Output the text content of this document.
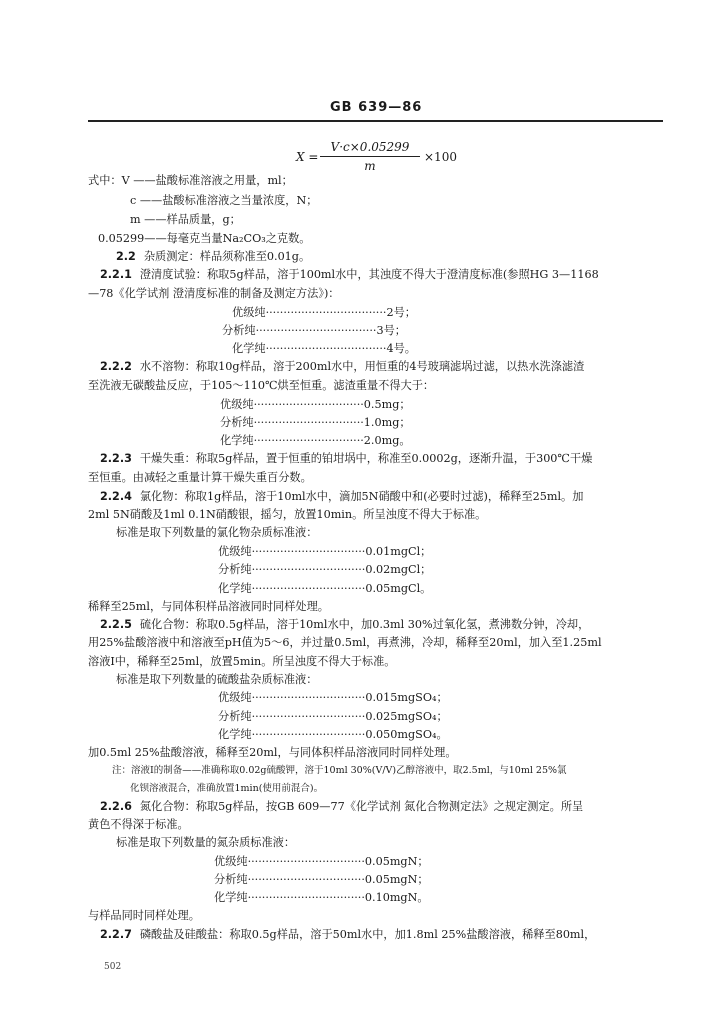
GB 639—86
$X = \frac{V\cdot c\times 0.05299}{m} \times 100$
式中：V ——盐酸标准溶液之用量，ml；
c ——盐酸标准溶液之当量浓度，N；
m ——样品质量，g；
0.05299——每毫克当量Na₂CO₃之克数。
2.2 杂质测定：样品须称准至0.01g。
2.2.1 澄清度试验：称取5g样品，溶于100ml水中，其浊度不得大于澄清度标准(参照HG 3—1168
—78《化学试剂 澄清度标准的制备及测定方法》)：
优级纯··································2号；
分析纯··································3号；
化学纯··································4号。
2.2.2 水不溶物：称取10g样品，溶于200ml水中，用恒重的4号玻璃滤埚过滤，以热水洗涤滤渣
至洗液无碳酸盐反应，于105～110℃烘至恒重。滤渣重量不得大于：
优级纯·······························0.5mg；
分析纯·······························1.0mg；
化学纯·······························2.0mg。
2.2.3 干燥失重：称取5g样品，置于恒重的铂坩埚中，称准至0.0002g，逐渐升温，于300℃干燥
至恒重。由减轻之重量计算干燥失重百分数。
2.2.4 氯化物：称取1g样品，溶于10ml水中，滴加5N硝酸中和(必要时过滤)，稀释至25ml。加
2ml 5N硝酸及1ml 0.1N硝酸银，摇匀，放置10min。所呈浊度不得大于标准。
标准是取下列数量的氯化物杂质标准液：
优级纯································0.01mgCl；
分析纯································0.02mgCl；
化学纯································0.05mgCl。
稀释至25ml，与同体积样品溶液同时同样处理。
2.2.5 硫化合物：称取0.5g样品，溶于10ml水中，加0.3ml 30%过氧化氢，煮沸数分钟，冷却，
用25%盐酸溶液中和溶液至pH值为5～6，并过量0.5ml，再煮沸，冷却，稀释至20ml，加入至1.25ml
溶液Ⅰ中，稀释至25ml，放置5min。所呈浊度不得大于标准。
标准是取下列数量的硫酸盐杂质标准液：
优级纯································0.015mgSO₄；
分析纯································0.025mgSO₄；
化学纯································0.050mgSO₄。
加0.5ml 25%盐酸溶液，稀释至20ml，与同体积样品溶液同时同样处理。
注：溶液Ⅰ的制备——准确称取0.02g硫酸钾，溶于10ml 30%(V/V)乙醇溶液中，取2.5ml，与10ml 25%氯
化钡溶液混合，准确放置1min(使用前混合)。
2.2.6 氮化合物：称取5g样品，按GB 609—77《化学试剂 氮化合物测定法》之规定测定。所呈
黄色不得深于标准。
标准是取下列数量的氮杂质标准液：
优级纯·································0.05mgN；
分析纯·································0.05mgN；
化学纯·································0.10mgN。
与样品同时同样处理。
2.2.7 磷酸盐及硅酸盐：称取0.5g样品，溶于50ml水中，加1.8ml 25%盐酸溶液，稀释至80ml，
502
